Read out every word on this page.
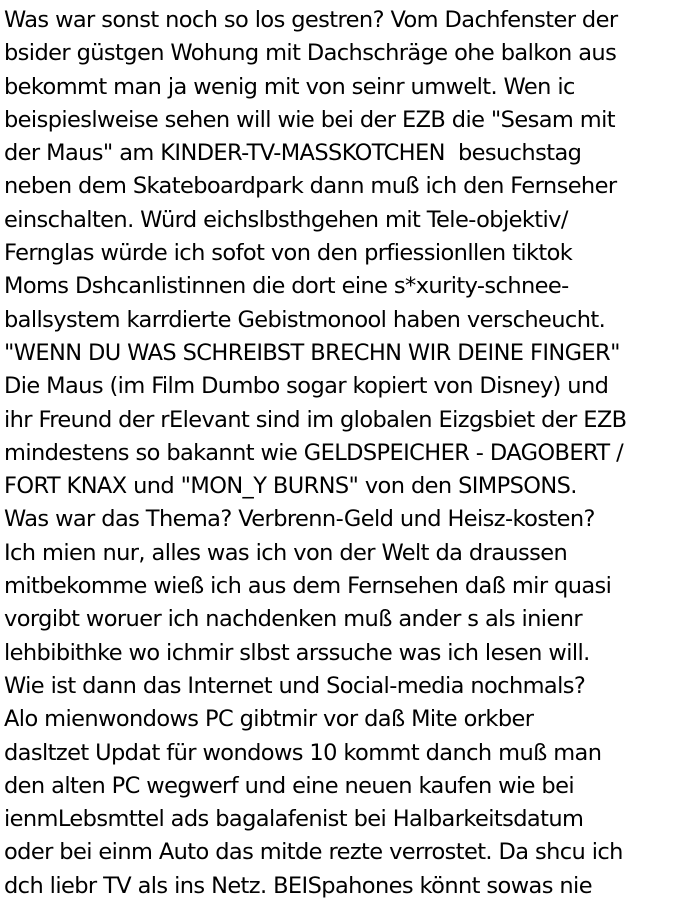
Was war sonst noch so los gestren? Vom Dachfenster der
bsider güstgen Wohung mit Dachschräge ohe balkon aus
bekommt man ja wenig mit von seinr umwelt. Wen ic
beispieslweise sehen will wie bei der EZB die "Sesam mit
der Maus" am KINDER-TV-MASSKOTCHEN  besuchstag
neben dem Skateboardpark dann muß ich den Fernseher
einschalten. Würd eichslbsthgehen mit Tele-objektiv/
Fernglas würde ich sofot von den prfiessionllen tiktok
Moms Dshcanlistinnen die dort eine s*xurity-schnee-
ballsystem karrdierte Gebistmonool haben verscheucht.
"WENN DU WAS SCHREIBST BRECHN WIR DEINE FINGER"
Die Maus (im Film Dumbo sogar kopiert von Disney) und
ihr Freund der rElevant sind im globalen Eizgsbiet der EZB
mindestens so bakannt wie GELDSPEICHER - DAGOBERT /
FORT KNAX und "MON_Y BURNS" von den SIMPSONS.
Was war das Thema? Verbrenn-Geld und Heisz-kosten?
Ich mien nur, alles was ich von der Welt da draussen
mitbekomme wieß ich aus dem Fernsehen daß mir quasi
vorgibt woruer ich nachdenken muß ander s als inienr
lehbibithke wo ichmir slbst arssuche was ich lesen will.
Wie ist dann das Internet und Social-media nochmals?
Alo mienwondows PC gibtmir vor daß Mite orkber
dasltzet Updat für wondows 10 kommt danch muß man
den alten PC wegwerf und eine neuen kaufen wie bei
ienmLebsmttel ads bagalafenist bei Halbarkeitsdatum
oder bei einm Auto das mitde rezte verrostet. Da shcu ich
dch liebr TV als ins Netz. BEISpahones könnt sowas nie
